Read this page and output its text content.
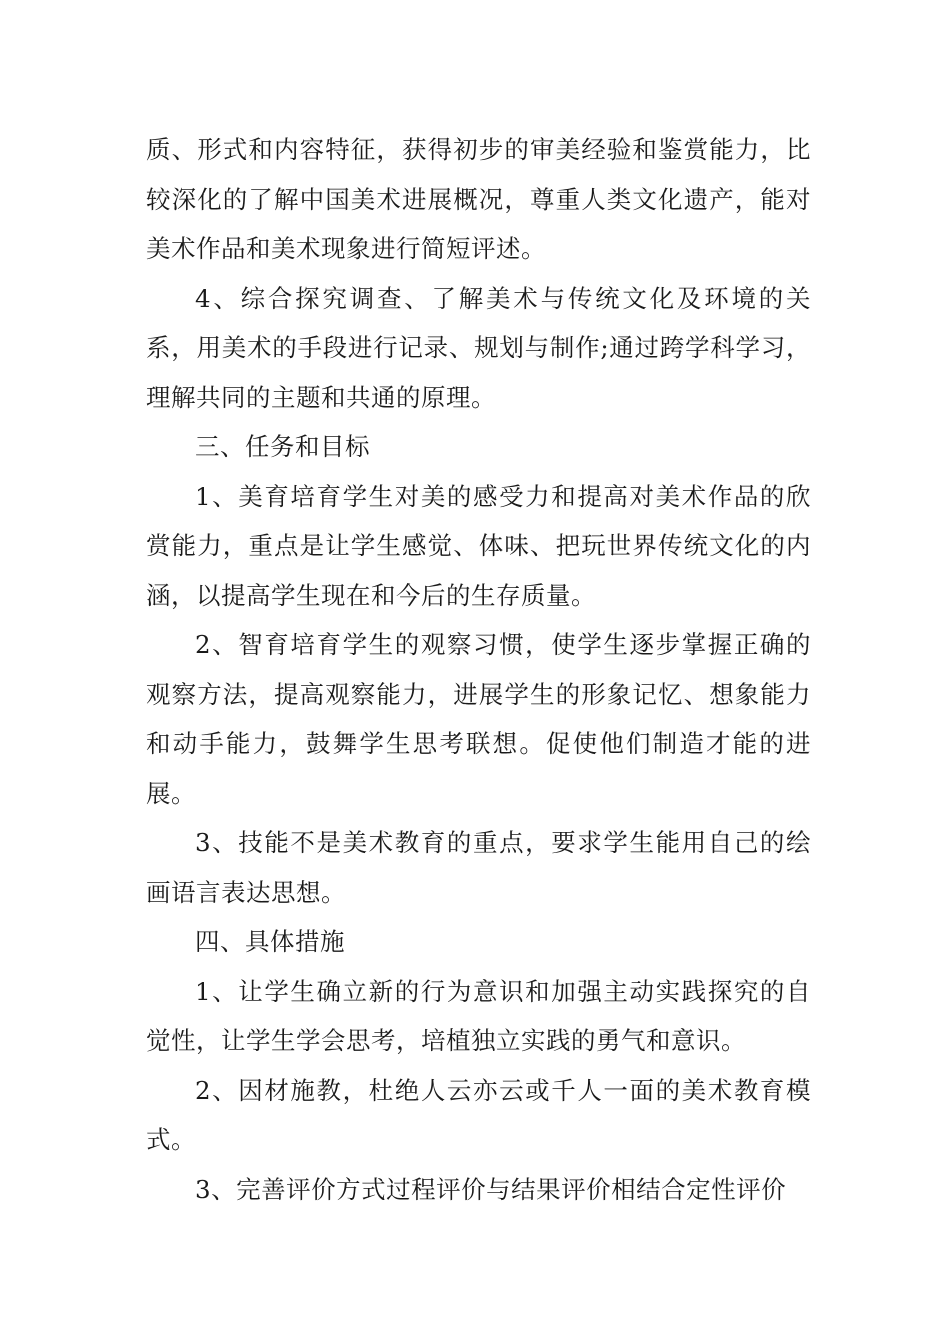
质、形式和内容特征，获得初步的审美经验和鉴赏能力，比较深化的了解中国美术进展概况，尊重人类文化遗产，能对美术作品和美术现象进行简短评述。

4、综合探究调查、了解美术与传统文化及环境的关系，用美术的手段进行记录、规划与制作;通过跨学科学习，理解共同的主题和共通的原理。

三、任务和目标

1、美育培育学生对美的感受力和提高对美术作品的欣赏能力，重点是让学生感觉、体味、把玩世界传统文化的内涵，以提高学生现在和今后的生存质量。

2、智育培育学生的观察习惯，使学生逐步掌握正确的观察方法，提高观察能力，进展学生的形象记忆、想象能力和动手能力，鼓舞学生思考联想。促使他们制造才能的进展。

3、技能不是美术教育的重点，要求学生能用自己的绘画语言表达思想。

四、具体措施

1、让学生确立新的行为意识和加强主动实践探究的自觉性，让学生学会思考，培植独立实践的勇气和意识。

2、因材施教，杜绝人云亦云或千人一面的美术教育模式。

3、完善评价方式过程评价与结果评价相结合定性评价
